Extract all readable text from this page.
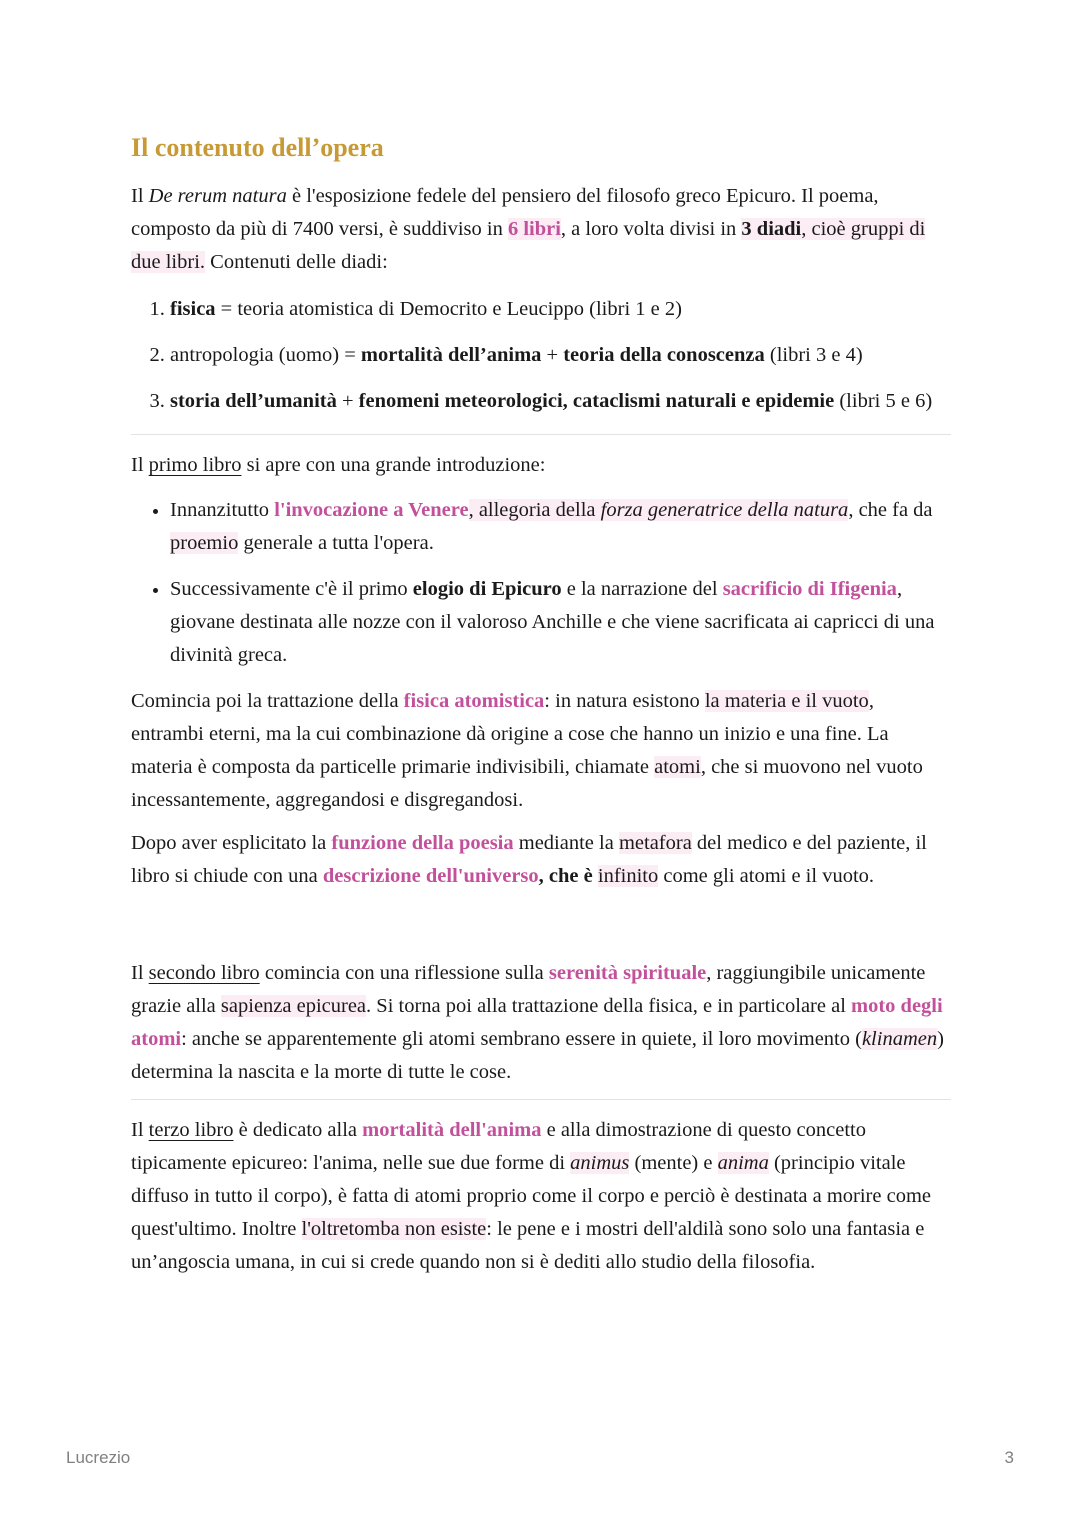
Il contenuto dell’opera

Il De rerum natura è l'esposizione fedele del pensiero del filosofo greco Epicuro. Il poema, composto da più di 7400 versi, è suddiviso in 6 libri, a loro volta divisi in 3 diadi, cioè gruppi di due libri. Contenuti delle diadi:

1. fisica = teoria atomistica di Democrito e Leucippo (libri 1 e 2)
2. antropologia (uomo) = mortalità dell’anima + teoria della conoscenza (libri 3 e 4)
3. storia dell’umanità + fenomeni meteorologici, cataclismi naturali e epidemie (libri 5 e 6)

Il primo libro si apre con una grande introduzione:

• Innanzitutto l'invocazione a Venere, allegoria della forza generatrice della natura, che fa da proemio generale a tutta l'opera.
• Successivamente c'è il primo elogio di Epicuro e la narrazione del sacrificio di Ifigenia, giovane destinata alle nozze con il valoroso Anchille e che viene sacrificata ai capricci di una divinità greca.

Comincia poi la trattazione della fisica atomistica: in natura esistono la materia e il vuoto, entrambi eterni, ma la cui combinazione dà origine a cose che hanno un inizio e una fine. La materia è composta da particelle primarie indivisibili, chiamate atomi, che si muovono nel vuoto incessantemente, aggregandosi e disgregandosi.

Dopo aver esplicitato la funzione della poesia mediante la metafora del medico e del paziente, il libro si chiude con una descrizione dell'universo, che è infinito come gli atomi e il vuoto.

Il secondo libro comincia con una riflessione sulla serenità spirituale, raggiungibile unicamente grazie alla sapienza epicurea. Si torna poi alla trattazione della fisica, e in particolare al moto degli atomi: anche se apparentemente gli atomi sembrano essere in quiete, il loro movimento (klinamen) determina la nascita e la morte di tutte le cose.

Il terzo libro è dedicato alla mortalità dell'anima e alla dimostrazione di questo concetto tipicamente epicureo: l'anima, nelle sue due forme di animus (mente) e anima (principio vitale diffuso in tutto il corpo), è fatta di atomi proprio come il corpo e perciò è destinata a morire come quest'ultimo. Inoltre l'oltretomba non esiste: le pene e i mostri dell'aldilà sono solo una fantasia e un’angoscia umana, in cui si crede quando non si è dediti allo studio della filosofia.

Lucrezio	3
